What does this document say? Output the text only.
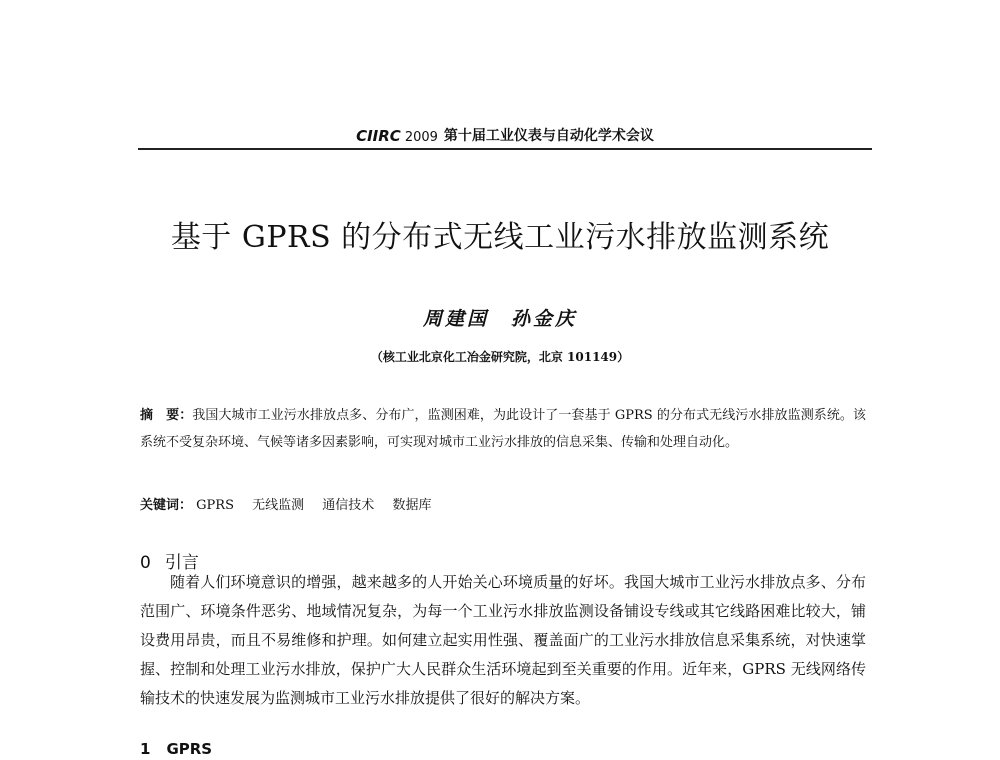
CIIRC 2009 第十届工业仪表与自动化学术会议
基于 GPRS 的分布式无线工业污水排放监测系统
周建国　孙金庆
（核工业北京化工冶金研究院，北京 101149）
摘　要：我国大城市工业污水排放点多、分布广，监测困难，为此设计了一套基于 GPRS 的分布式无线污水排放监测系统。该系统不受复杂环境、气候等诸多因素影响，可实现对城市工业污水排放的信息采集、传输和处理自动化。
关键词： GPRS 无线监测 通信技术 数据库
0 引言
随着人们环境意识的增强，越来越多的人开始关心环境质量的好坏。我国大城市工业污水排放点多、分布范围广、环境条件恶劣、地域情况复杂，为每一个工业污水排放监测设备铺设专线或其它线路困难比较大，铺设费用昂贵，而且不易维修和护理。如何建立起实用性强、覆盖面广的工业污水排放信息采集系统，对快速掌握、控制和处理工业污水排放，保护广大人民群众生活环境起到至关重要的作用。近年来，GPRS 无线网络传输技术的快速发展为监测城市工业污水排放提供了很好的解决方案。
1 GPRS
